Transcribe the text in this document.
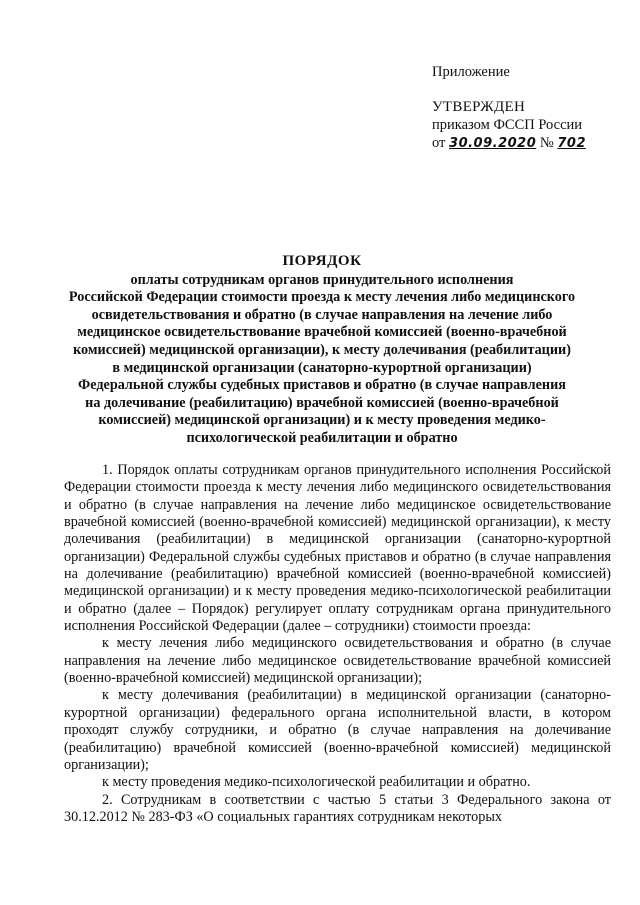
Приложение
УТВЕРЖДЕН
приказом ФССП России
от 30.09.2020 № 702
ПОРЯДОК
оплаты сотрудникам органов принудительного исполнения
Российской Федерации стоимости проезда к месту лечения либо медицинского
освидетельствования и обратно (в случае направления на лечение либо
медицинское освидетельствование врачебной комиссией (военно-врачебной
комиссией) медицинской организации), к месту долечивания (реабилитации)
в медицинской организации (санаторно-курортной организации)
Федеральной службы судебных приставов и обратно (в случае направления
на долечивание (реабилитацию) врачебной комиссией (военно-врачебной
комиссией) медицинской организации) и к месту проведения медико-
психологической реабилитации и обратно

1. Порядок оплаты сотрудникам органов принудительного исполнения Российской Федерации стоимости проезда к месту лечения либо медицинского освидетельствования и обратно (в случае направления на лечение либо медицинское освидетельствование врачебной комиссией (военно-врачебной комиссией) медицинской организации), к месту долечивания (реабилитации) в медицинской организации (санаторно-курортной организации) Федеральной службы судебных приставов и обратно (в случае направления на долечивание (реабилитацию) врачебной комиссией (военно-врачебной комиссией) медицинской организации) и к месту проведения медико-психологической реабилитации и обратно (далее – Порядок) регулирует оплату сотрудникам органа принудительного исполнения Российской Федерации (далее – сотрудники) стоимости проезда:

к месту лечения либо медицинского освидетельствования и обратно (в случае направления на лечение либо медицинское освидетельствование врачебной комиссией (военно-врачебной комиссией) медицинской организации);

к месту долечивания (реабилитации) в медицинской организации (санаторно-курортной организации) федерального органа исполнительной власти, в котором проходят службу сотрудники, и обратно (в случае направления на долечивание (реабилитацию) врачебной комиссией (военно-врачебной комиссией) медицинской организации);

к месту проведения медико-психологической реабилитации и обратно.

2. Сотрудникам в соответствии с частью 5 статьи 3 Федерального закона от 30.12.2012 № 283-ФЗ «О социальных гарантиях сотрудникам некоторых
